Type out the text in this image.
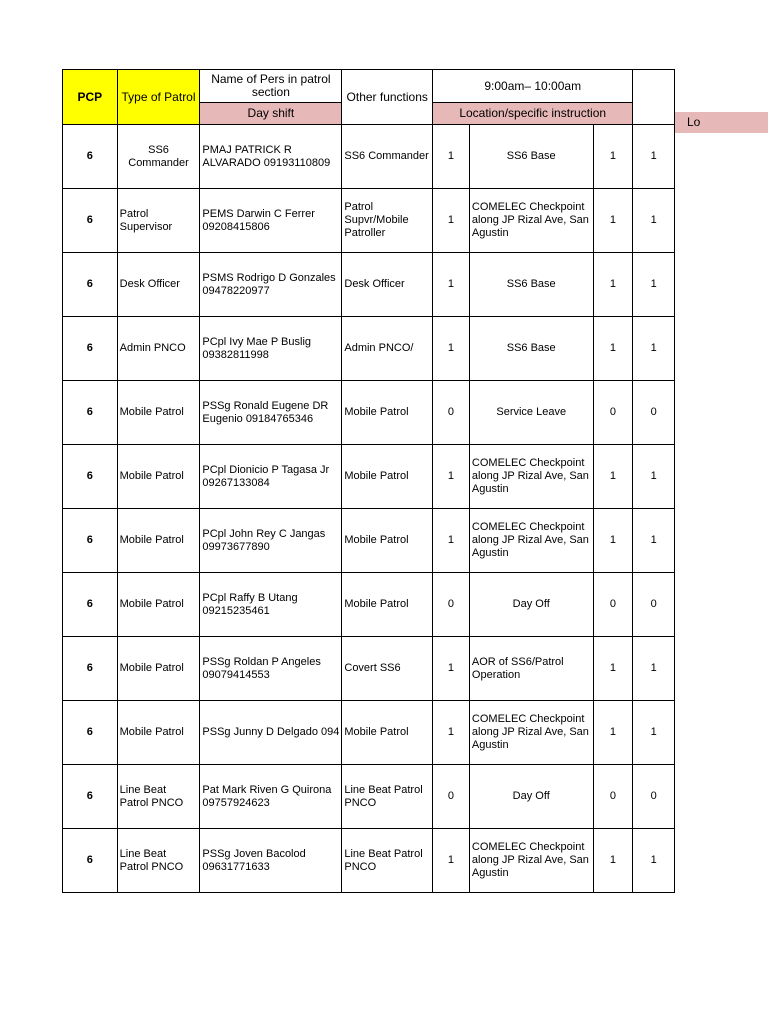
Lo
PCP	Type of Patrol	Name of Pers in patrol section	Other functions	9:00am– 10:00am			
		Day shift		Location/specific instruction			
6	SS6 Commander	PMAJ PATRICK R ALVARADO 09193110809	SS6 Commander	1	SS6 Base	1	1
6	Patrol Supervisor	PEMS Darwin C Ferrer 09208415806	Patrol Supvr/Mobile Patroller	1	COMELEC Checkpoint along JP Rizal Ave, San Agustin	1	1
6	Desk Officer	PSMS Rodrigo D Gonzales 09478220977	Desk Officer	1	SS6 Base	1	1
6	Admin PNCO	PCpl Ivy Mae P Buslig 09382811998	Admin PNCO/	1	SS6 Base	1	1
6	Mobile Patrol	PSSg Ronald Eugene DR Eugenio 09184765346	Mobile Patrol	0	Service Leave	0	0
6	Mobile Patrol	PCpl Dionicio P Tagasa Jr 09267133084	Mobile Patrol	1	COMELEC Checkpoint along JP Rizal Ave, San Agustin	1	1
6	Mobile Patrol	PCpl John Rey C Jangas 09973677890	Mobile Patrol	1	COMELEC Checkpoint along JP Rizal Ave, San Agustin	1	1
6	Mobile Patrol	PCpl Raffy B Utang 09215235461	Mobile Patrol	0	Day Off	0	0
6	Mobile Patrol	PSSg Roldan P Angeles 09079414553	Covert SS6	1	AOR of SS6/Patrol Operation	1	1
6	Mobile Patrol	PSSg Junny D Delgado 094	Mobile Patrol	1	COMELEC Checkpoint along JP Rizal Ave, San Agustin	1	1
6	Line Beat Patrol PNCO	Pat Mark Riven G Quirona 09757924623	Line Beat Patrol PNCO	0	Day Off	0	0
6	Line Beat Patrol PNCO	PSSg Joven Bacolod 09631771633	Line Beat Patrol PNCO	1	COMELEC Checkpoint along JP Rizal Ave, San Agustin	1	1
